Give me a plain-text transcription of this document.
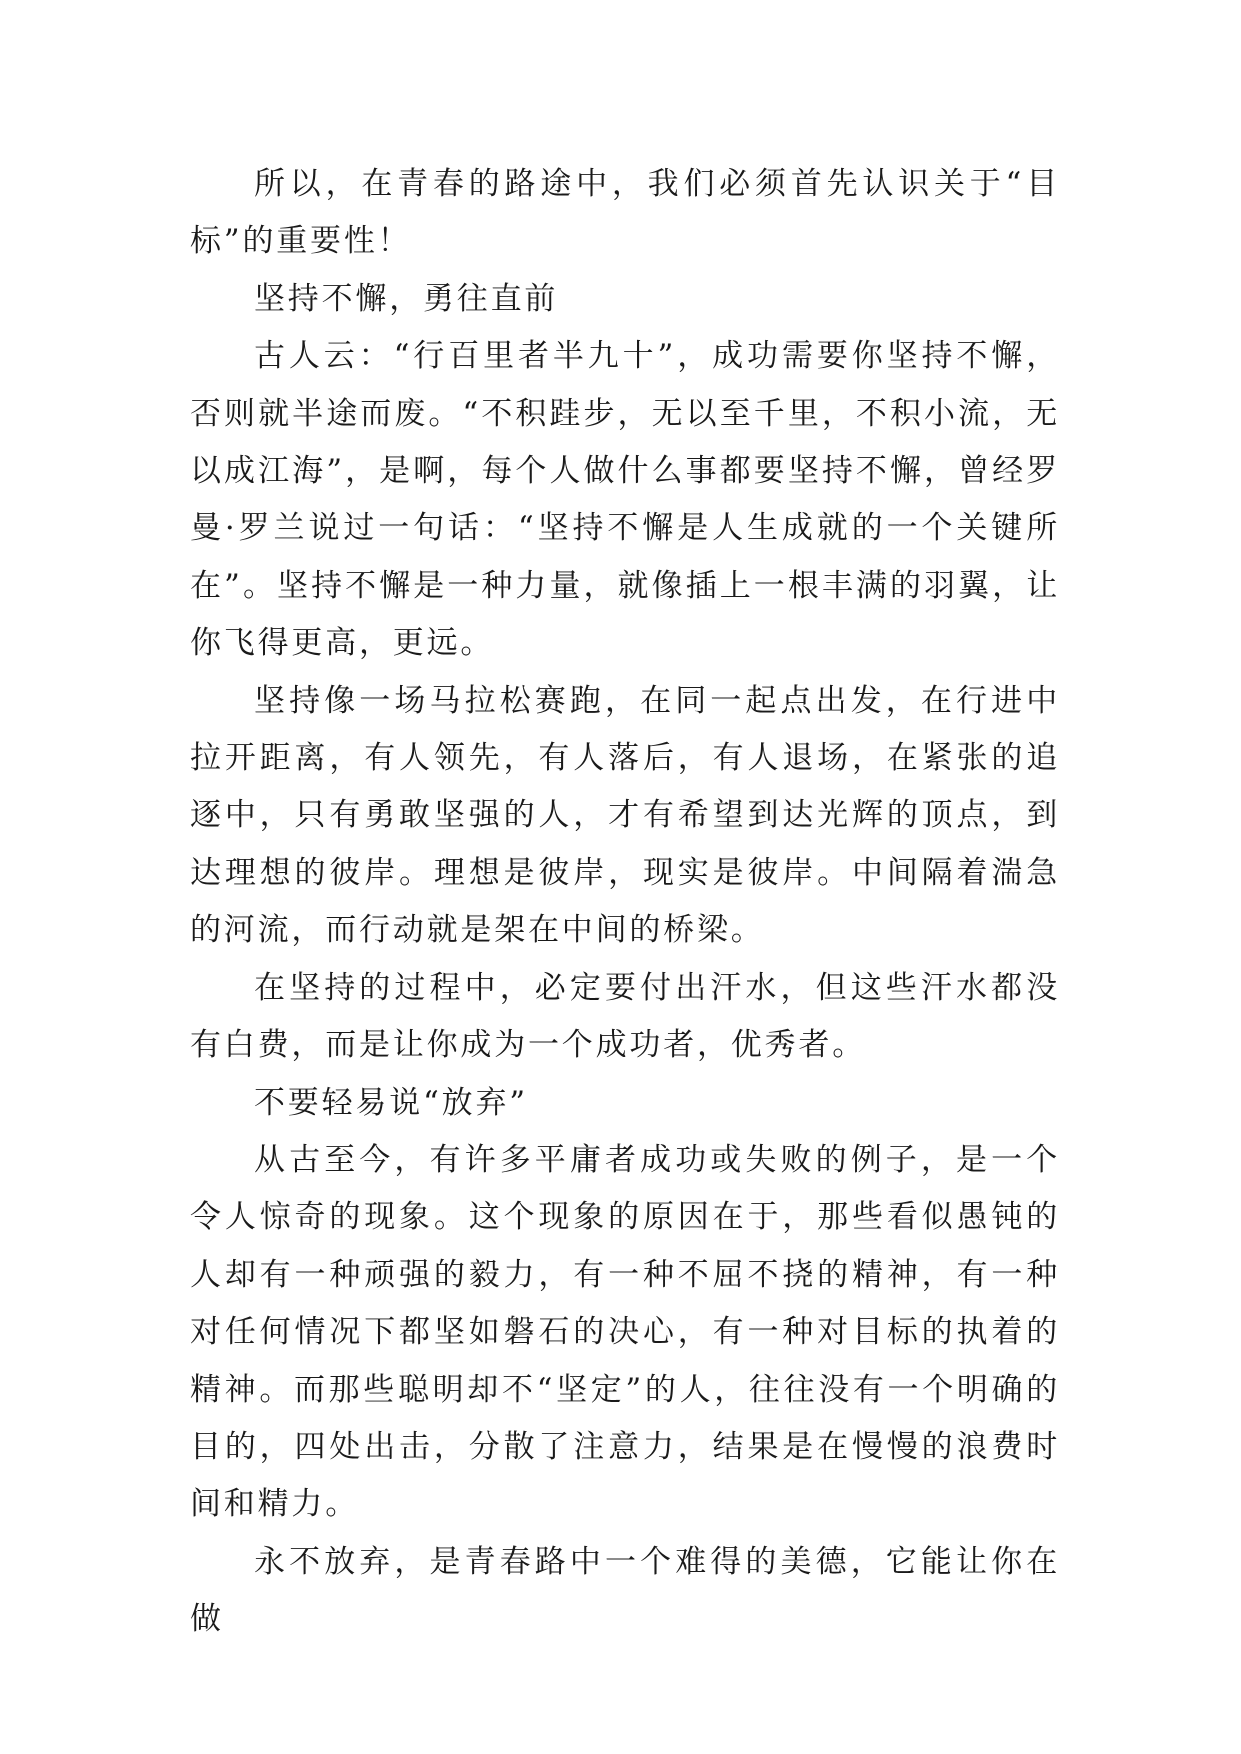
所以，在青春的路途中，我们必须首先认识关于“目标”的重要性！

坚持不懈，勇往直前

古人云：“行百里者半九十”，成功需要你坚持不懈，否则就半途而废。“不积跬步，无以至千里，不积小流，无以成江海”，是啊，每个人做什么事都要坚持不懈，曾经罗曼·罗兰说过一句话：“坚持不懈是人生成就的一个关键所在”。坚持不懈是一种力量，就像插上一根丰满的羽翼，让你飞得更高，更远。

坚持像一场马拉松赛跑，在同一起点出发，在行进中拉开距离，有人领先，有人落后，有人退场，在紧张的追逐中，只有勇敢坚强的人，才有希望到达光辉的顶点，到达理想的彼岸。理想是彼岸，现实是彼岸。中间隔着湍急的河流，而行动就是架在中间的桥梁。

在坚持的过程中，必定要付出汗水，但这些汗水都没有白费，而是让你成为一个成功者，优秀者。

不要轻易说“放弃”

从古至今，有许多平庸者成功或失败的例子，是一个令人惊奇的现象。这个现象的原因在于，那些看似愚钝的人却有一种顽强的毅力，有一种不屈不挠的精神，有一种对任何情况下都坚如磐石的决心，有一种对目标的执着的精神。而那些聪明却不“坚定”的人，往往没有一个明确的目的，四处出击，分散了注意力，结果是在慢慢的浪费时间和精力。

永不放弃，是青春路中一个难得的美德，它能让你在做
